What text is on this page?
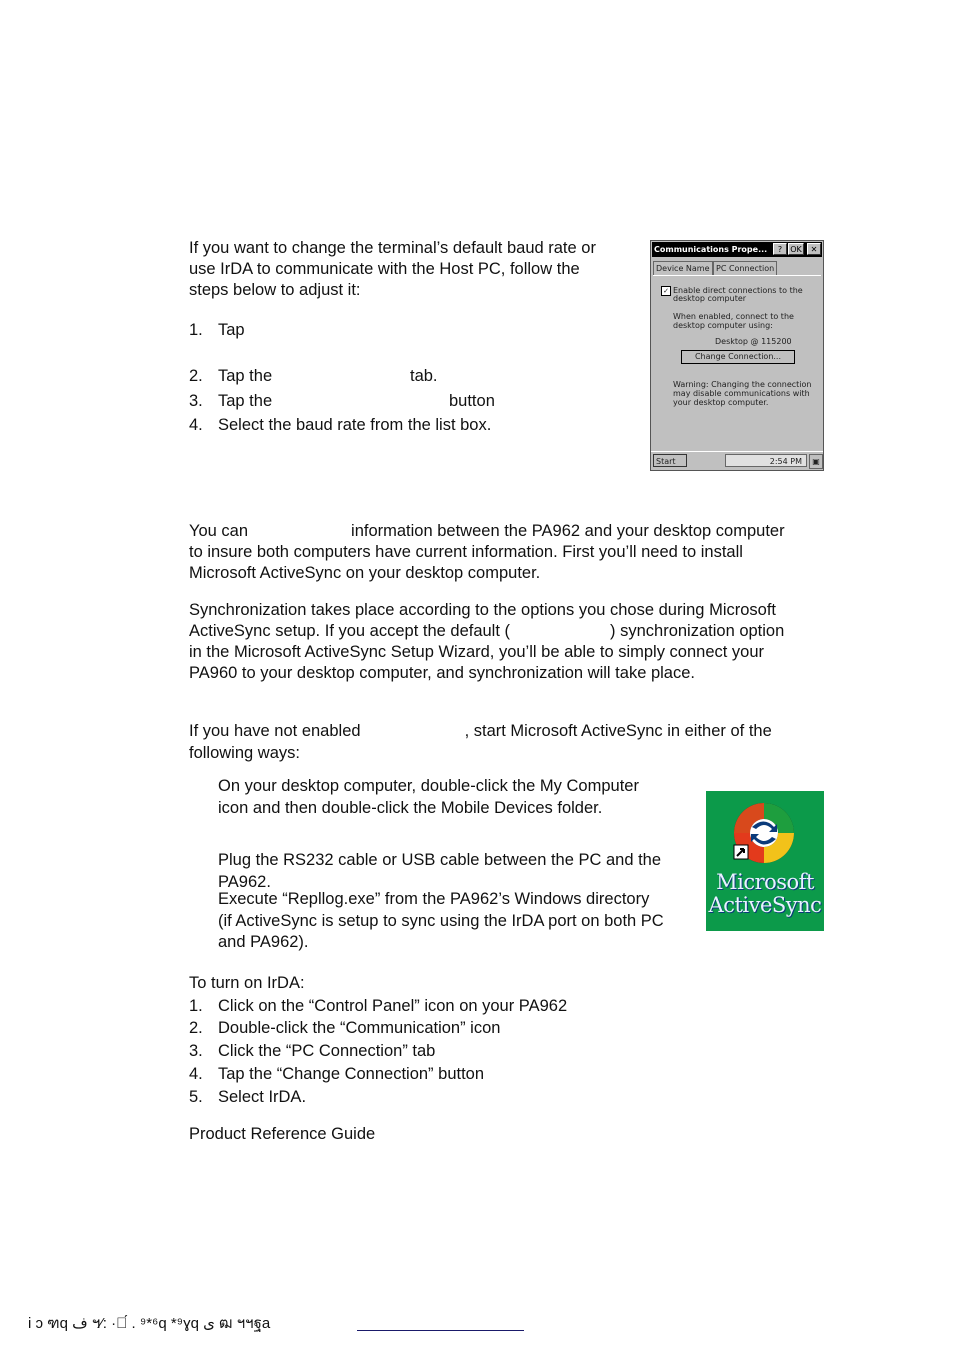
If you want to change the terminal’s default baud rate or
use IrDA to communicate with the Host PC, follow the
steps below to adjust it:

1. Tap
2. Tap the	tab.
3. Tap the	button
4. Select the baud rate from the list box.
Communications Prope...	?	OK	✕
Device Name PC Connection
✓ Enable direct connections to the
desktop computer
When enabled, connect to the
desktop computer using:
Desktop @ 115200
Change Connection...
Warning: Changing the connection
may disable communications with
your desktop computer.
Start	2:54 PM	▣
You can	information between the PA962 and your desktop computer
to insure both computers have current information. First you’ll need to install
Microsoft ActiveSync on your desktop computer.
Synchronization takes place according to the options you chose during Microsoft
ActiveSync setup. If you accept the default (	) synchronization option
in the Microsoft ActiveSync Setup Wizard, you’ll be able to simply connect your
PA960 to your desktop computer, and synchronization will take place.
If you have not enabled	, start Microsoft ActiveSync in either of the
following ways:
On your desktop computer, double-click the My Computer
icon and then double-click the Mobile Devices folder.
Plug the RS232 cable or USB cable between the PC and the
PA962.
Execute “Repllog.exe” from the PA962’s Windows directory
(if ActiveSync is setup to sync using the IrDA port on both PC
and PA962).
Microsoft
ActiveSync
To turn on IrDA:
1. Click on the “Control Panel” icon on your PA962
2. Double-click the “Communication” icon
3. Click the “PC Connection” tab
4. Tap the “Change Connection” button
5. Select IrDA.
Product Reference Guide
i ɔ ฑq ف ฯ⁄: ·ฑ́ . ⁹*⁶q *⁹ɣq ى ฒ ฯฯฐa
